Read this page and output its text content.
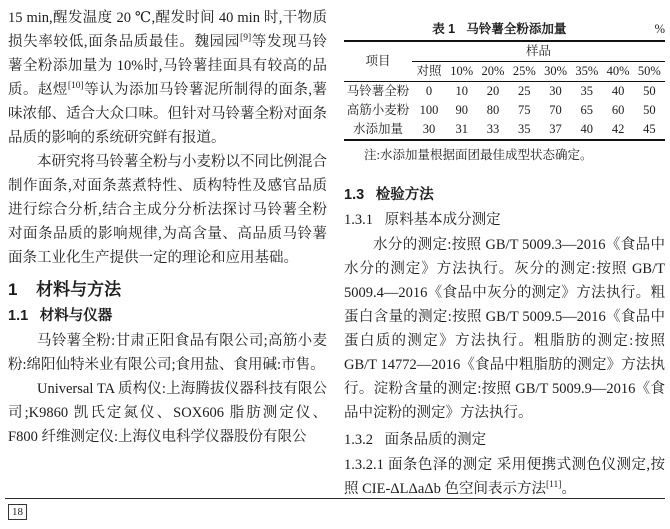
15 min,醒发温度 20 ℃,醒发时间 40 min 时,干物质损失率较低,面条品质最佳。魏园园[9]等发现马铃薯全粉添加量为 10%时,马铃薯挂面具有较高的品质。赵煜[10]等认为添加马铃薯泥所制得的面条,薯味浓郁、适合大众口味。但针对马铃薯全粉对面条品质的影响的系统研究鲜有报道。

本研究将马铃薯全粉与小麦粉以不同比例混合制作面条,对面条蒸煮特性、质构特性及感官品质进行综合分析,结合主成分分析法探讨马铃薯全粉对面条品质的影响规律,为高含量、高品质马铃薯面条工业化生产提供一定的理论和应用基础。

1 材料与方法
1.1 材料与仪器

马铃薯全粉:甘肃正阳食品有限公司;高筋小麦粉:绵阳仙特米业有限公司;食用盐、食用碱:市售。

Universal TA 质构仪:上海腾拔仪器科技有限公司;K9860 凯氏定氮仪、SOX606 脂肪测定仪、F800 纤维测定仪:上海仪电科学仪器股份有限公

表 1 马铃薯全粉添加量	%
项目	样品							
	对照	10%	20%	25%	30%	35%	40%	50%
马铃薯全粉	0	10	20	25	30	35	40	50
高筋小麦粉	100	90	80	75	70	65	60	50
水添加量	30	31	33	35	37	40	42	45

注:水添加量根据面团最佳成型状态确定。

1.3 检验方法
1.3.1 原料基本成分测定

水分的测定:按照 GB/T 5009.3—2016《食品中水分的测定》方法执行。灰分的测定:按照 GB/T 5009.4—2016《食品中灰分的测定》方法执行。粗蛋白含量的测定:按照 GB/T 5009.5—2016《食品中蛋白质的测定》方法执行。粗脂肪的测定:按照 GB/T 14772—2016《食品中粗脂肪的测定》方法执行。淀粉含量的测定:按照 GB/T 5009.9—2016《食品中淀粉的测定》方法执行。

1.3.2 面条品质的测定

1.3.2.1 面条色泽的测定 采用便携式测色仪测定,按照 CIE-ΔLΔaΔb 色空间表示方法[11]。

18
